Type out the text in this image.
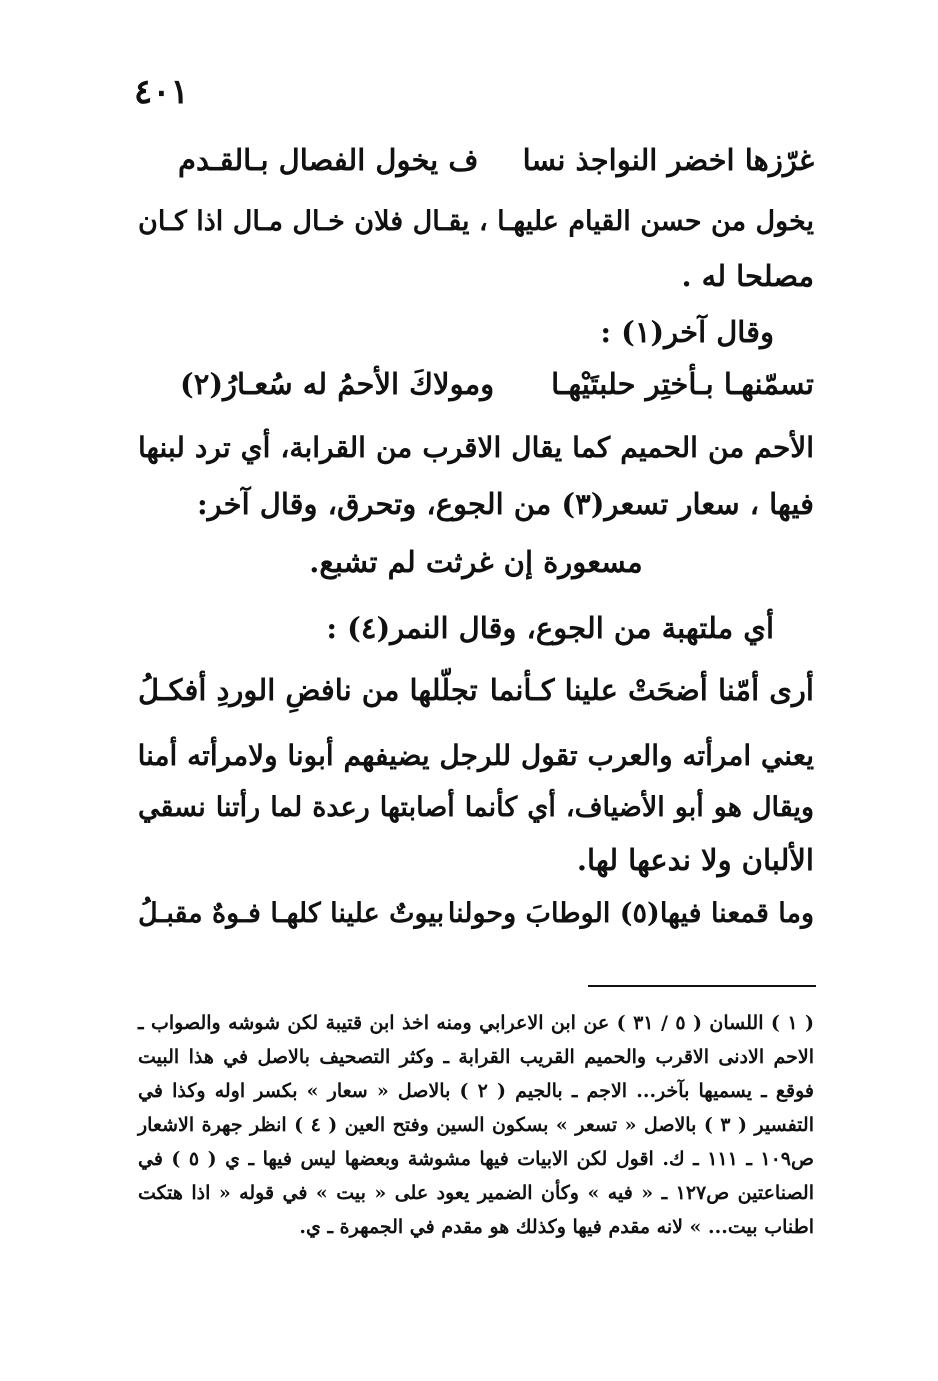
٤٠١
غرّزها اخضر النواجذ نسا
ف يخول الفصال بـالقـدم
يخول من حسن القيام عليهـا ، يقـال فلان خـال مـال اذا كـان
مصلحا له .
وقال آخر(١) :
تسمّنهـا بـأختِر حلبتَيْهـا
ومولاكَ الأحمُ له سُعـارُ(٢)
الأحم من الحميم كما يقال الاقرب من القرابة، أي ترد لبنها
فيها ، سعار تسعر(٣) من الجوع، وتحرق، وقال آخر:
مسعورة إن غرثت لم تشبع.
أي ملتهبة من الجوع، وقال النمر(٤) :
أرى أمّنا أضحَتْ علينا كـأنما
تجلّلها من نافضِ الوردِ أفكـلُ
يعني امرأته والعرب تقول للرجل يضيفهم أبونا ولامرأته أمنا
ويقال هو أبو الأضياف، أي كأنما أصابتها رعدة لما رأتنا نسقي
الألبان ولا ندعها لها.
وما قمعنا فيها(٥) الوطابَ وحولنا
بيوتٌ علينا كلهـا فـوهٌ مقبـلُ
( ١ ) اللسان ( ٥ / ٣١ ) عن ابن الاعرابي ومنه اخذ ابن قتيبة لكن شوشه والصواب ـ
الاحم الادنى الاقرب والحميم القريب القرابة ـ وكثر التصحيف بالاصل في هذا البيت
فوقع ـ يسميها بآخر... الاجم ـ بالجيم ( ٢ ) بالاصل « سعار » بكسر اوله وكذا في
التفسير ( ٣ ) بالاصل « تسعر » بسكون السين وفتح العين ( ٤ ) انظر جهرة الاشعار
ص١٠٩ ـ ١١١ ـ ك. اقول لكن الابيات فيها مشوشة وبعضها ليس فيها ـ ي ( ٥ ) في
الصناعتين ص١٢٧ ـ « فيه » وكأن الضمير يعود على « بيت » في قوله « اذا هتكت
اطناب بيت... » لانه مقدم فيها وكذلك هو مقدم في الجمهرة ـ ي.
